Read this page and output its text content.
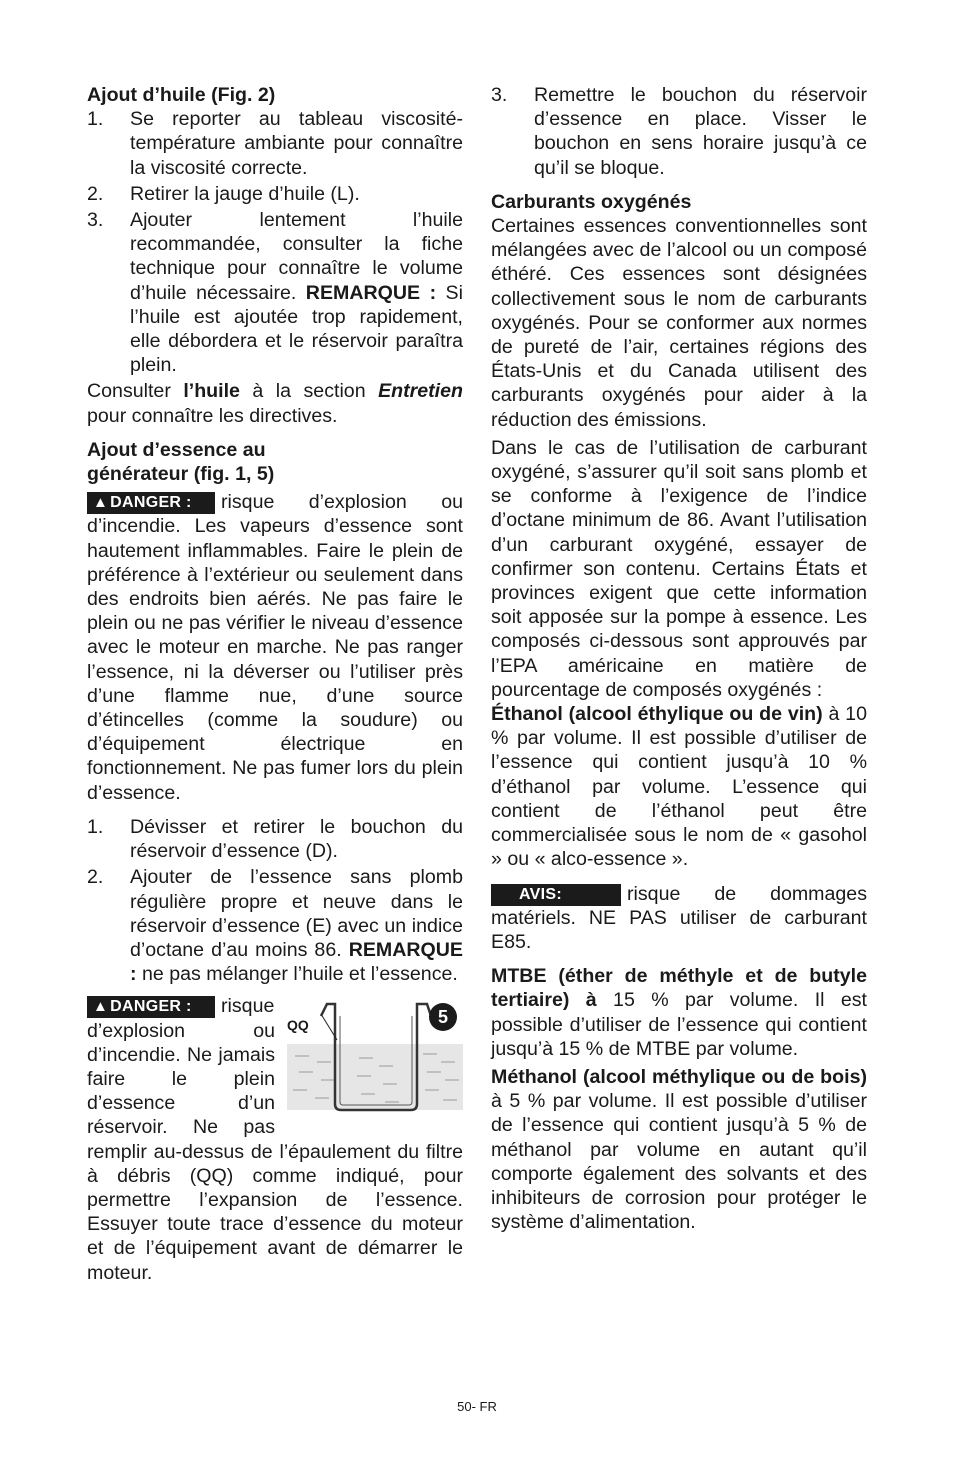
Ajout d’huile (Fig. 2)

1. Se reporter au tableau viscosité-température ambiante pour connaître la viscosité correcte.
2. Retirer la jauge d’huile (L).
3. Ajouter lentement l’huile recommandée, consulter la fiche technique pour connaître le volume d’huile nécessaire. REMARQUE : Si l’huile est ajoutée trop rapidement, elle débordera et le réservoir paraîtra plein.

Consulter l’huile à la section Entretien pour connaître les directives.

Ajout d’essence au

générateur (fig. 1, 5)

▲ DANGER : risque d’explosion ou d’incendie. Les vapeurs d’essence sont hautement inflammables. Faire le plein de préférence à l’extérieur ou seulement dans des endroits bien aérés. Ne pas faire le plein ou ne pas vérifier le niveau d’essence avec le moteur en marche. Ne pas ranger l’essence, ni la déverser ou l’utiliser près d’une flamme nue, d’une source d’étincelles (comme la soudure) ou d’équipement électrique en fonctionnement. Ne pas fumer lors du plein d’essence.

1. Dévisser et retirer le bouchon du réservoir d’essence (D).
2. Ajouter de l’essence sans plomb régulière propre et neuve dans le réservoir d’essence (E) avec un indice d’octane d’au moins 86. REMARQUE : ne pas mélanger l’huile et l’essence.

▲ DANGER :
5
QQ
risque d’explosion ou d’incendie. Ne jamais faire le plein d’essence d’un réservoir. Ne pas remplir au-dessus de l’épaulement du filtre à débris (QQ) comme indiqué, pour permettre l’expansion de l’essence. Essuyer toute trace d’essence du moteur et de l’équipement avant de démarrer le moteur.

3. Remettre le bouchon du réservoir d’essence en place. Visser le bouchon en sens horaire jusqu’à ce qu’il se bloque.

Carburants oxygénés

Certaines essences conventionnelles sont mélangées avec de l’alcool ou un composé éthéré. Ces essences sont désignées collectivement sous le nom de carburants oxygénés. Pour se conformer aux normes de pureté de l’air, certaines régions des États-Unis et du Canada utilisent des carburants oxygénés pour aider à la réduction des émissions.

Dans le cas de l’utilisation de carburant oxygéné, s’assurer qu’il soit sans plomb et se conforme à l’exigence de l’indice d’octane minimum de 86. Avant l’utilisation d’un carburant oxygéné, essayer de confirmer son contenu. Certains États et provinces exigent que cette information soit apposée sur la pompe à essence. Les composés ci-dessous sont approuvés par l’EPA américaine en matière de pourcentage de composés oxygénés :

Éthanol (alcool éthylique ou de vin) à 10 % par volume. Il est possible d’utiliser de l’essence qui contient jusqu’à 10 % d’éthanol par volume. L’essence qui contient de l’éthanol peut être commercialisée sous le nom de « gasohol » ou « alco-essence ».

AVIS:	risque de dommages matériels. NE PAS utiliser de carburant E85.

MTBE (éther de méthyle et de butyle tertiaire) à 15 % par volume. Il est possible d’utiliser de l’essence qui contient jusqu’à 15 % de MTBE par volume.

Méthanol (alcool méthylique ou de bois) à 5 % par volume. Il est possible d’utiliser de l’essence qui contient jusqu’à 5 % de méthanol par volume en autant qu’il comporte également des solvants et des inhibiteurs de corrosion pour protéger le système d’alimentation.

50- FR
